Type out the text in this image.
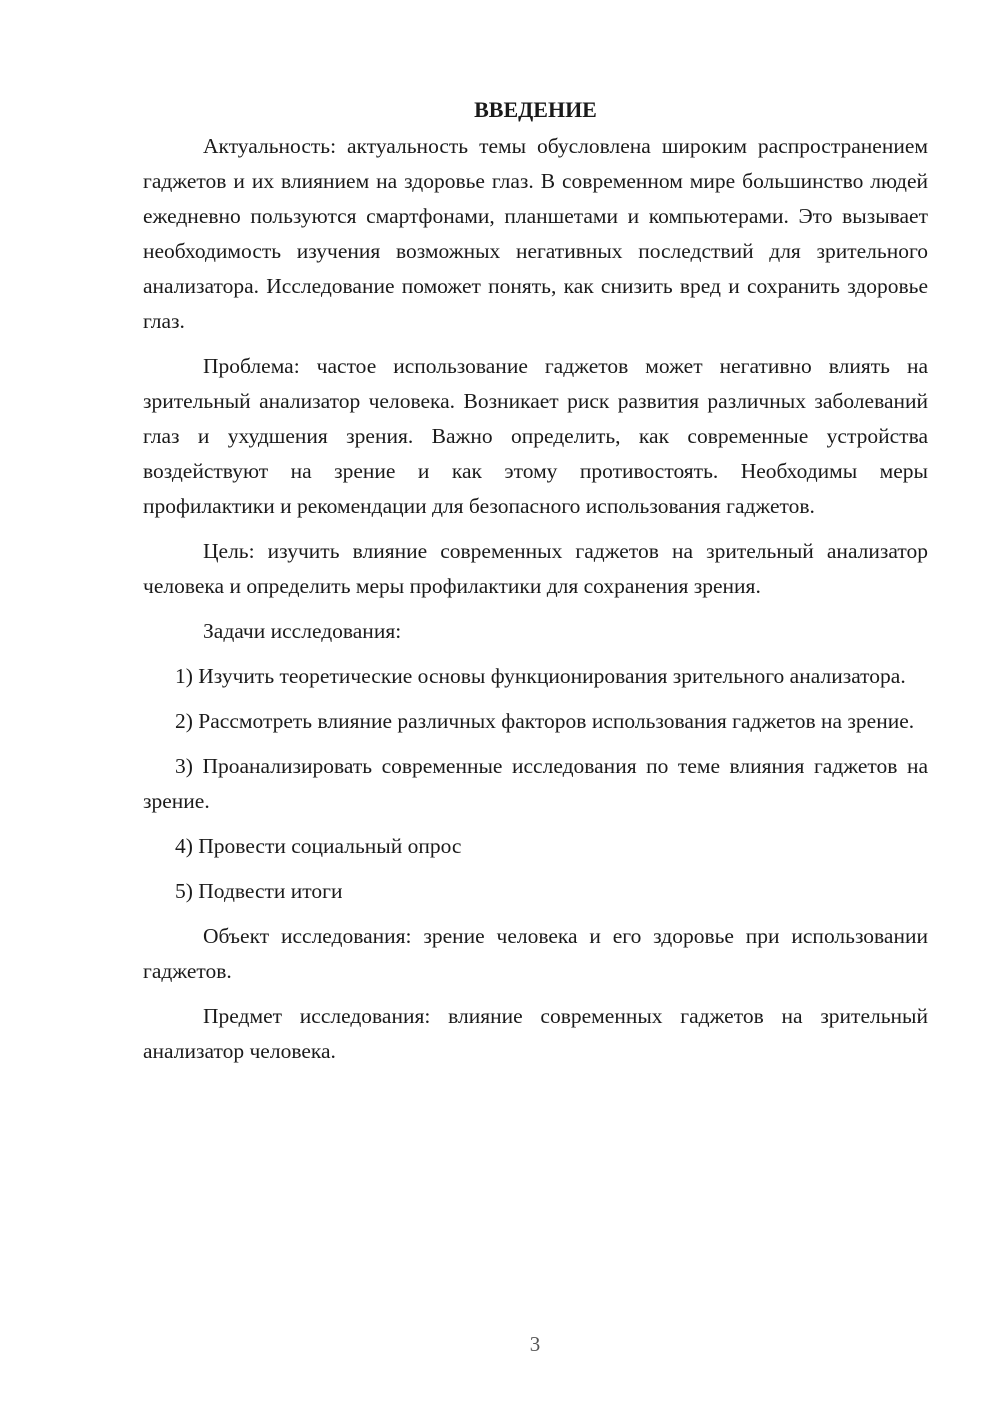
ВВЕДЕНИЕ

Актуальность: актуальность темы обусловлена широким распространением гаджетов и их влиянием на здоровье глаз. В современном мире большинство людей ежедневно пользуются смартфонами, планшетами и компьютерами. Это вызывает необходимость изучения возможных негативных последствий для зрительного анализатора. Исследование поможет понять, как снизить вред и сохранить здоровье глаз.

Проблема: частое использование гаджетов может негативно влиять на зрительный анализатор человека. Возникает риск развития различных заболеваний глаз и ухудшения зрения. Важно определить, как современные устройства воздействуют на зрение и как этому противостоять. Необходимы меры профилактики и рекомендации для безопасного использования гаджетов.

Цель: изучить влияние современных гаджетов на зрительный анализатор человека и определить меры профилактики для сохранения зрения.

Задачи исследования:

1) Изучить теоретические основы функционирования зрительного анализатора.

2) Рассмотреть влияние различных факторов использования гаджетов на зрение.

3) Проанализировать современные исследования по теме влияния гаджетов на зрение.

4) Провести социальный опрос

5) Подвести итоги

Объект исследования: зрение человека и его здоровье при использовании гаджетов.

Предмет исследования: влияние современных гаджетов на зрительный анализатор человека.

3
